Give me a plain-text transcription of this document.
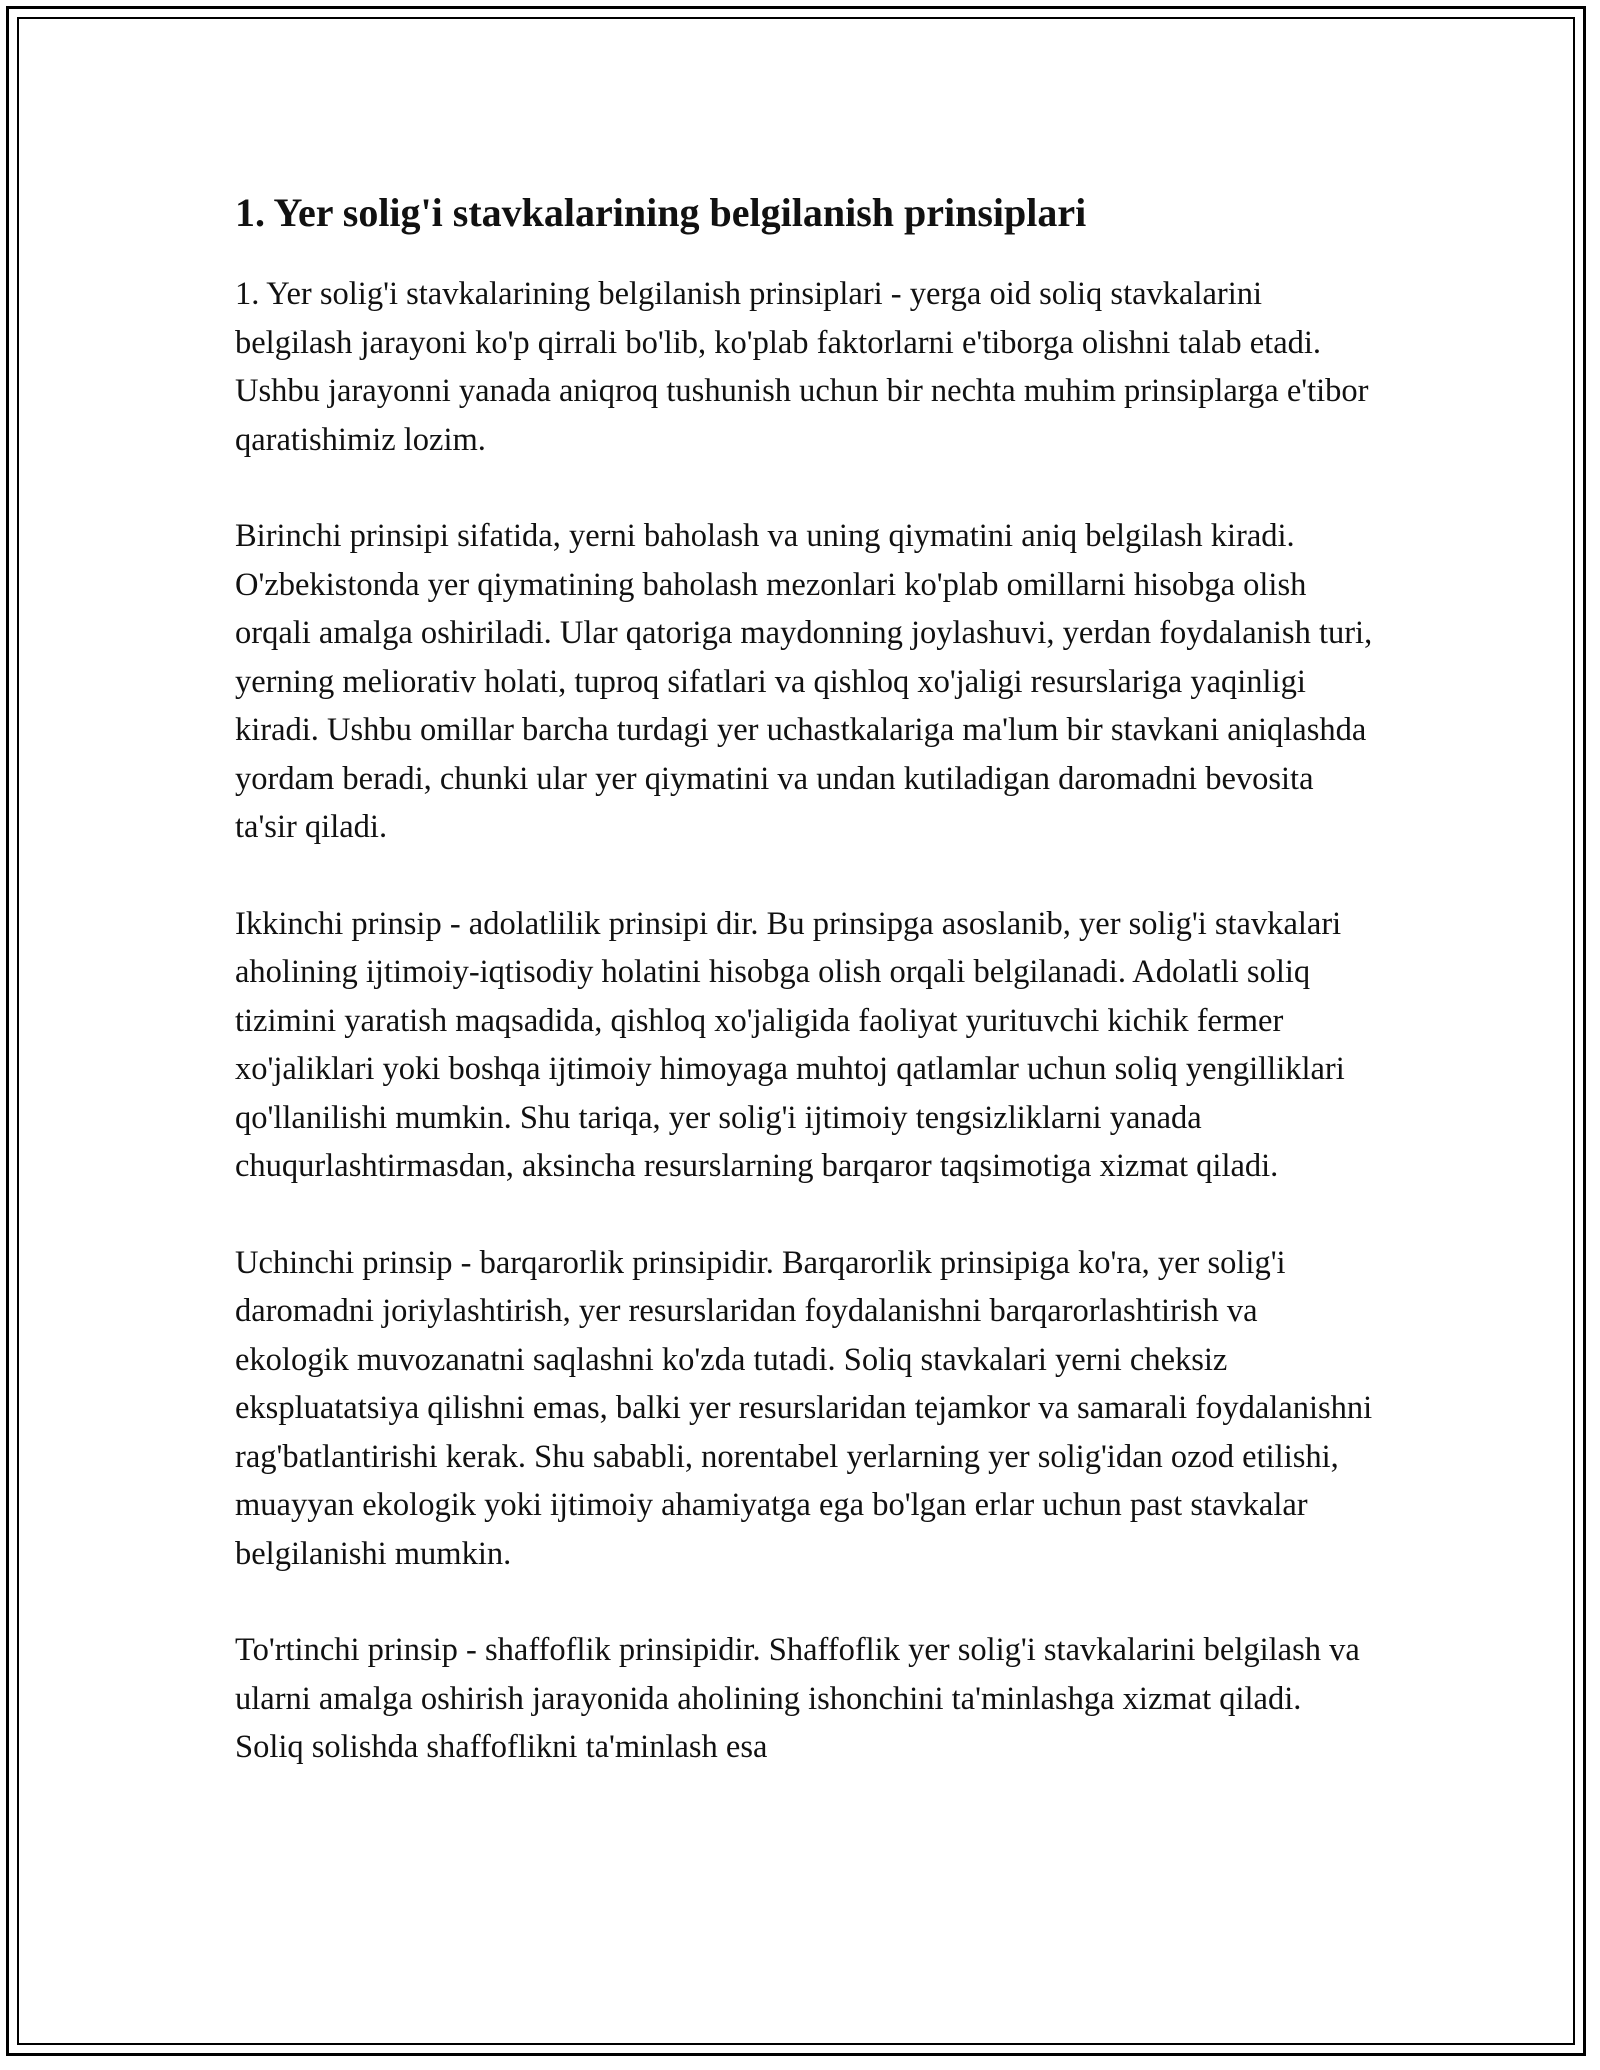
1. Yer solig'i stavkalarining belgilanish prinsiplari

1. Yer solig'i stavkalarining belgilanish prinsiplari - yerga oid soliq stavkalarini belgilash jarayoni ko'p qirrali bo'lib, ko'plab faktorlarni e'tiborga olishni talab etadi. Ushbu jarayonni yanada aniqroq tushunish uchun bir nechta muhim prinsiplarga e'tibor qaratishimiz lozim.

Birinchi prinsipi sifatida, yerni baholash va uning qiymatini aniq belgilash kiradi. O'zbekistonda yer qiymatining baholash mezonlari ko'plab omillarni hisobga olish orqali amalga oshiriladi. Ular qatoriga maydonning joylashuvi, yerdan foydalanish turi, yerning meliorativ holati, tuproq sifatlari va qishloq xo'jaligi resurslariga yaqinligi kiradi. Ushbu omillar barcha turdagi yer uchastkalariga ma'lum bir stavkani aniqlashda yordam beradi, chunki ular yer qiymatini va undan kutiladigan daromadni bevosita ta'sir qiladi.

Ikkinchi prinsip - adolatlilik prinsipi dir. Bu prinsipga asoslanib, yer solig'i stavkalari aholining ijtimoiy-iqtisodiy holatini hisobga olish orqali belgilanadi. Adolatli soliq tizimini yaratish maqsadida, qishloq xo'jaligida faoliyat yurituvchi kichik fermer xo'jaliklari yoki boshqa ijtimoiy himoyaga muhtoj qatlamlar uchun soliq yengilliklari qo'llanilishi mumkin. Shu tariqa, yer solig'i ijtimoiy tengsizliklarni yanada chuqurlashtirmasdan, aksincha resurslarning barqaror taqsimotiga xizmat qiladi.

Uchinchi prinsip - barqarorlik prinsipidir. Barqarorlik prinsipiga ko'ra, yer solig'i daromadni joriylashtirish, yer resurslaridan foydalanishni barqarorlashtirish va ekologik muvozanatni saqlashni ko'zda tutadi. Soliq stavkalari yerni cheksiz ekspluatatsiya qilishni emas, balki yer resurslaridan tejamkor va samarali foydalanishni rag'batlantirishi kerak. Shu sababli, norentabel yerlarning yer solig'idan ozod etilishi, muayyan ekologik yoki ijtimoiy ahamiyatga ega bo'lgan erlar uchun past stavkalar belgilanishi mumkin.

To'rtinchi prinsip - shaffoflik prinsipidir. Shaffoflik yer solig'i stavkalarini belgilash va ularni amalga oshirish jarayonida aholining ishonchini ta'minlashga xizmat qiladi. Soliq solishda shaffoflikni ta'minlash esa
